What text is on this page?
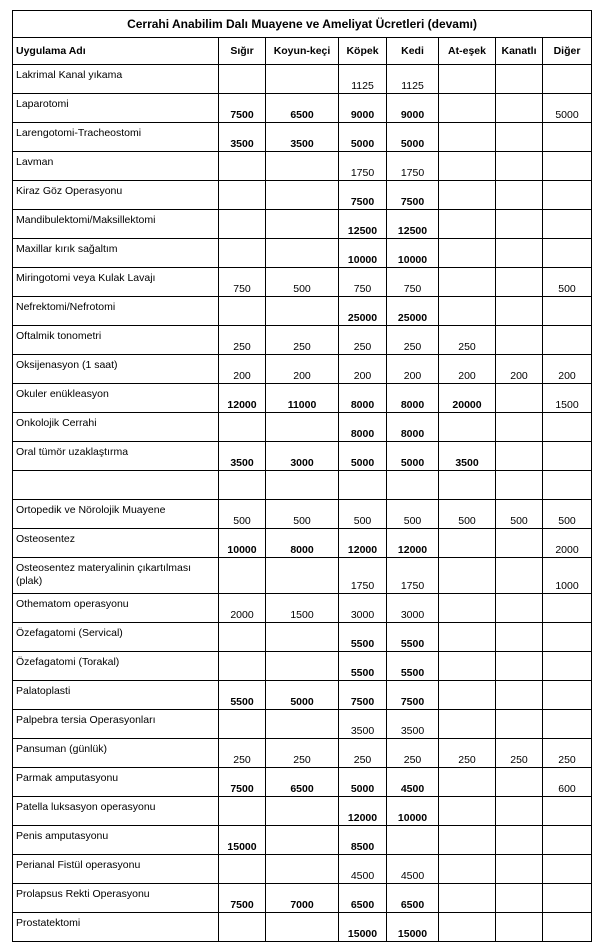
Cerrahi Anabilim Dalı Muayene ve Ameliyat Ücretleri (devamı)							
Uygulama Adı	Sığır	Koyun-keçi	Köpek	Kedi	At-eşek	Kanatlı	Diğer
Lakrimal Kanal yıkama			1125	1125			
Laparotomi	7500	6500	9000	9000			5000
Larengotomi-Tracheostomi	3500	3500	5000	5000			
Lavman			1750	1750			
Kiraz Göz Operasyonu			7500	7500			
Mandibulektomi/Maksillektomi			12500	12500			
Maxillar kırık sağaltım			10000	10000			
Miringotomi veya Kulak Lavajı	750	500	750	750			500
Nefrektomi/Nefrotomi			25000	25000			
Oftalmik tonometri	250	250	250	250	250		
Oksijenasyon (1 saat)	200	200	200	200	200	200	200
Okuler enükleasyon	12000	11000	8000	8000	20000		1500
Onkolojik Cerrahi			8000	8000			
Oral tümör uzaklaştırma	3500	3000	5000	5000	3500		

Ortopedik ve Nörolojik Muayene	500	500	500	500	500	500	500
Osteosentez	10000	8000	12000	12000			2000
Osteosentez materyalinin çıkartılması (plak)			1750	1750			1000
Othematom operasyonu	2000	1500	3000	3000			
Özefagatomi (Servical)			5500	5500			
Özefagatomi (Torakal)			5500	5500			
Palatoplasti	5500	5000	7500	7500			
Palpebra tersia Operasyonları			3500	3500			
Pansuman (günlük)	250	250	250	250	250	250	250
Parmak amputasyonu	7500	6500	5000	4500			600
Patella luksasyon operasyonu			12000	10000			
Penis amputasyonu	15000		8500				
Perianal Fistül operasyonu			4500	4500			
Prolapsus Rekti Operasyonu	7500	7000	6500	6500			
Prostatektomi			15000	15000			
